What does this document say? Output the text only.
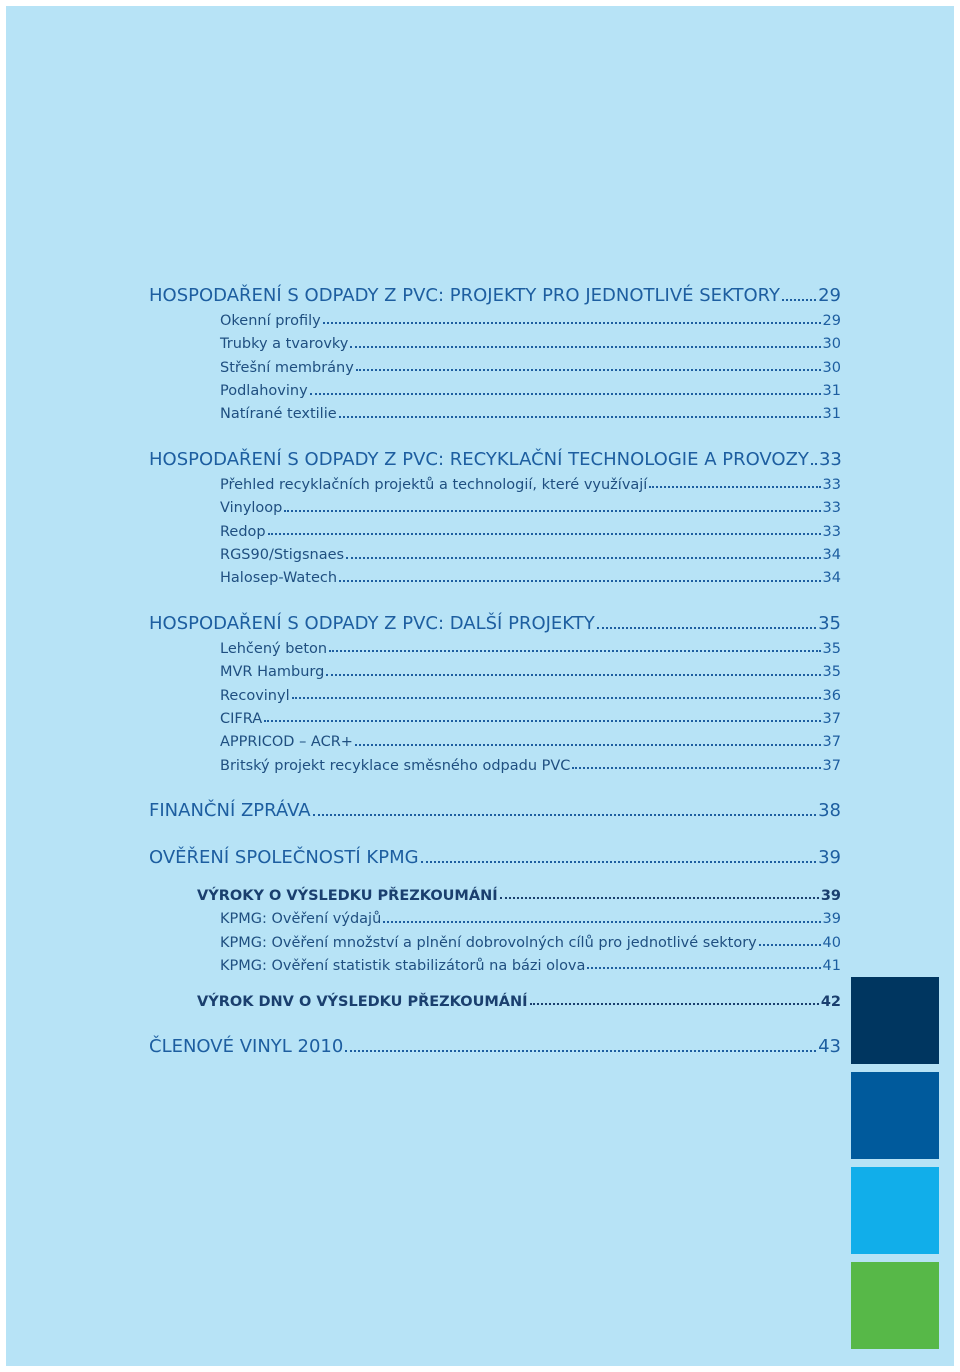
HOSPODAŘENÍ S ODPADY Z PVC: PROJEKTY PRO JEDNOTLIVÉ SEKTORY 29
Okenní profily	29
Trubky a tvarovky	30
Střešní membrány	30
Podlahoviny	31
Natírané textilie	31
HOSPODAŘENÍ S ODPADY Z PVC: RECYKLAČNÍ TECHNOLOGIE A PROVOZY 33
Přehled recyklačních projektů a technologií, které využívají	33
Vinyloop	33
Redop	33
RGS90/Stigsnaes	34
Halosep-Watech	34
HOSPODAŘENÍ S ODPADY Z PVC: DALŠÍ PROJEKTY	35
Lehčený beton	35
MVR Hamburg	35
Recovinyl	36
CIFRA	37
APPRICOD – ACR+	37
Britský projekt recyklace směsného odpadu PVC	37
FINANČNÍ ZPRÁVA	38
OVĚŘENÍ SPOLEČNOSTÍ KPMG	39
VÝROKY O VÝSLEDKU PŘEZKOUMÁNÍ	39
KPMG: Ověření výdajů	39
KPMG: Ověření množství a plnění dobrovolných cílů pro jednotlivé sektory	40
KPMG: Ověření statistik stabilizátorů na bázi olova	41
VÝROK DNV O VÝSLEDKU PŘEZKOUMÁNÍ	42
ČLENOVÉ VINYL 2010	43
